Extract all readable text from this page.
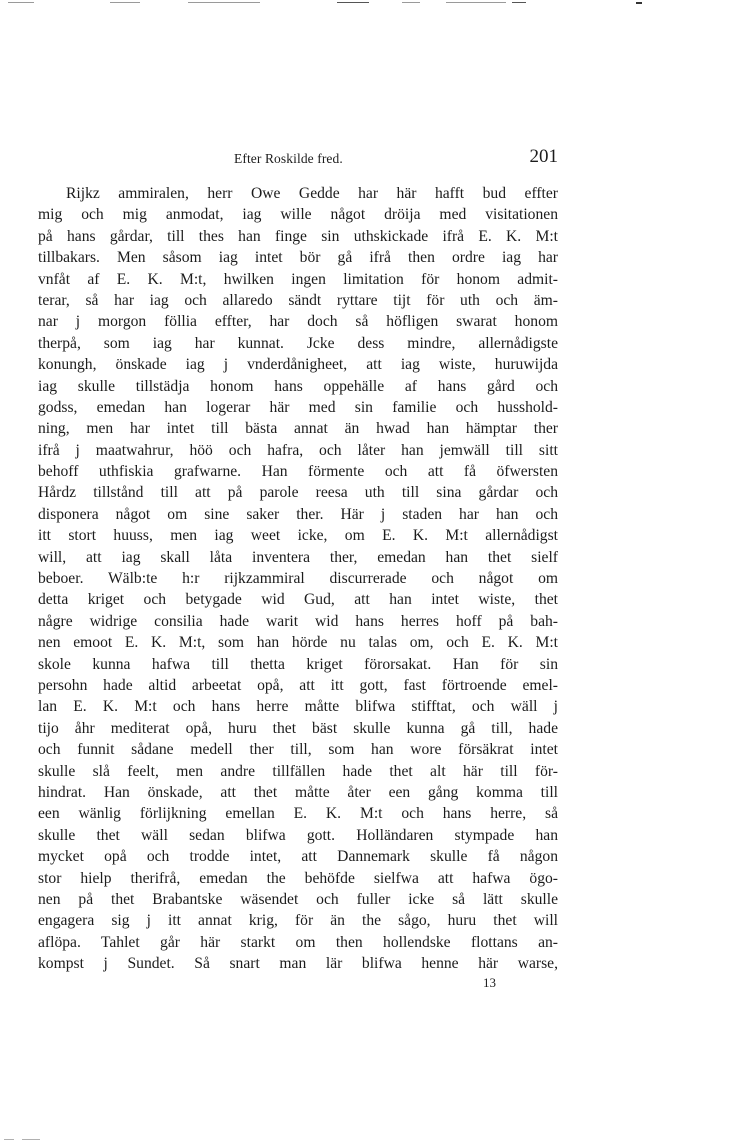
Efter Roskilde fred.	201
Rijkz ammiralen, herr Owe Gedde har här hafft bud effter
mig och mig anmodat, iag wille något dröija med visitationen
på hans gårdar, till thes han finge sin uthskickade ifrå E. K. M:t
tillbakars. Men såsom iag intet bör gå ifrå then ordre iag har
vnfåt af E. K. M:t, hwilken ingen limitation för honom admit-
terar, så har iag och allaredo sändt ryttare tijt för uth och äm-
nar j morgon föllia effter, har doch så höfligen swarat honom
therpå, som iag har kunnat. Jcke dess mindre, allernådigste
konungh, önskade iag j vnderdånigheet, att iag wiste, huruwijda
iag skulle tillstädja honom hans oppehälle af hans gård och
godss, emedan han logerar här med sin familie och husshold-
ning, men har intet till bästa annat än hwad han hämptar ther
ifrå j maatwahrur, höö och hafra, och låter han jemwäll till sitt
behoff uthfiskia grafwarne. Han förmente och att få öfwersten
Hårdz tillstånd till att på parole reesa uth till sina gårdar och
disponera något om sine saker ther. Här j staden har han och
itt stort huuss, men iag weet icke, om E. K. M:t allernådigst
will, att iag skall låta inventera ther, emedan han thet sielf
beboer. Wälb:te h:r rijkzammiral discurrerade och något om
detta kriget och betygade wid Gud, att han intet wiste, thet
någre widrige consilia hade warit wid hans herres hoff på bah-
nen emoot E. K. M:t, som han hörde nu talas om, och E. K. M:t
skole kunna hafwa till thetta kriget förorsakat. Han för sin
persohn hade altid arbeetat opå, att itt gott, fast förtroende emel-
lan E. K. M:t och hans herre måtte blifwa stifftat, och wäll j
tijo åhr mediterat opå, huru thet bäst skulle kunna gå till, hade
och funnit sådane medell ther till, som han wore försäkrat intet
skulle slå feelt, men andre tillfällen hade thet alt här till för-
hindrat. Han önskade, att thet måtte åter een gång komma till
een wänlig förlijkning emellan E. K. M:t och hans herre, så
skulle thet wäll sedan blifwa gott. Holländaren stympade han
mycket opå och trodde intet, att Dannemark skulle få någon
stor hielp therifrå, emedan the behöfde sielfwa att hafwa ögo-
nen på thet Brabantske wäsendet och fuller icke så lätt skulle
engagera sig j itt annat krig, för än the sågo, huru thet will
aflöpa. Tahlet går här starkt om then hollendske flottans an-
kompst j Sundet. Så snart man lär blifwa henne här warse,
13
